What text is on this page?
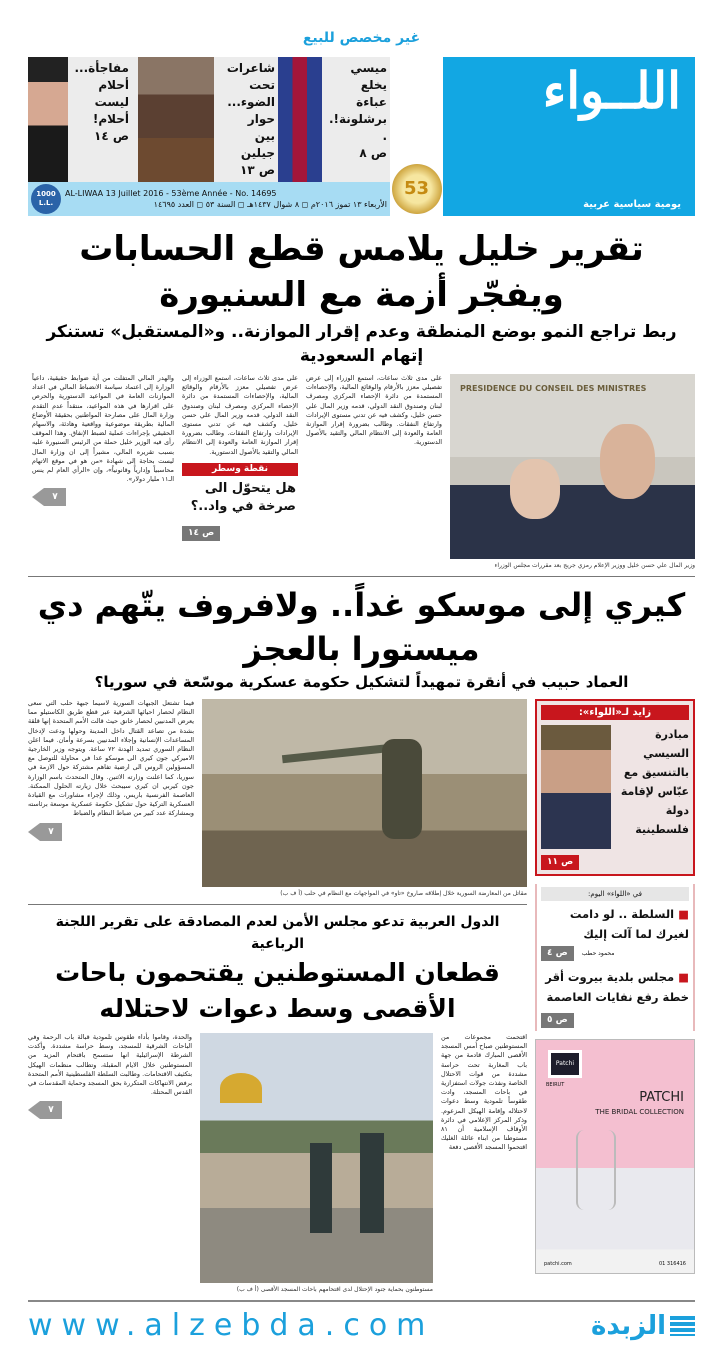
غير مخصص للبيع
مفاجأة...
أحلام
ليست
أحلام!
ص ١٤
شاعرات
تحت
الضوء...
حوار
بين جيلين
ص ١٣
ميسي يخلع
عباءة
برشلونة!..
ص ٨
1000 L.L.
AL-LIWAA 13 Juillet 2016 - 53ème Année - No. 14695
الأربعاء ١٣ تموز ٢٠١٦م ◻ ٨ شوال ١٤٣٧هـ ◻ السنة ٥٣ ◻ العدد ١٤٦٩٥
53
اللــواء
يومية سياسية عربية
تقرير خليل يلامس قطع الحسابات ويفجّر أزمة مع السنيورة
ربط تراجع النمو بوضع المنطقة وعدم إقرار الموازنة.. و«المستقبل» تستنكر إتهام السعودية
PRESIDENCE DU CONSEIL DES MINISTRES
وزير المال علي حسن خليل ووزير الإعلام رمزي جريج بعد مقررات مجلس الوزراء
على مدى ثلاث ساعات، استمع الوزراء إلى عرض تفصيلي معزز بالأرقام والوقائع المالية، والإحصاءات المستمدة من دائرة الإحصاء المركزي ومصرف لبنان وصندوق النقد الدولي، قدمه وزير المال علي حسن خليل، وكشف فيه عن تدني مستوى الإيرادات وارتفاع النفقات. وطالب بضرورة إقرار الموازنة العامة والعودة إلى الانتظام المالي والتقيد بالأصول الدستورية.
على مدى ثلاث ساعات، استمع الوزراء إلى عرض تفصيلي معزز بالأرقام والوقائع المالية، والإحصاءات المستمدة من دائرة الإحصاء المركزي ومصرف لبنان وصندوق النقد الدولي، قدمه وزير المال علي حسن خليل، وكشف فيه عن تدني مستوى الإيرادات وارتفاع النفقات. وطالب بضرورة إقرار الموازنة العامة والعودة إلى الانتظام المالي والتقيد بالأصول الدستورية.
نقطة وسطر
هل يتحوّل الى صرخة في واد..؟
ص ١٤
والهدر المالي المتفلت من أية ضوابط حقيقية، داعياً الوزارة إلى اعتماد سياسة الانضباط المالي في اعداد الموازنات العامة في المواعيد الدستورية والحرص على اقرارها في هذه المواعيد، منتقداً عدم التقدم وزارة المال على مصارحة المواطنين بحقيقة الأوضاع المالية بطريقة موضوعية وواقعية وهادئة، والاسهام الحقيقي بإجراءات عملية لضبط الإنفاق. وهذا الموقف رأى فيه الوزير خليل حملة من الرئيس السنيورة عليه بسبب تقريره المالي، مشيراً إلى ان وزارة المال ليست بحاجة إلى شهادة «من هو في موقع الاتهام محاسبياً وإدارياً وقانونياً»، وإن «الرأي العام لم ينس الـ١١ مليار دولار».
٧
كيري إلى موسكو غداً.. ولافروف يتّهم دي ميستورا بالعجز
العماد حبيب في أنقرة تمهيداً لتشكيل حكومة عسكرية موسّعة في سوريا؟
زايد لـ«اللواء»:
مبادرة السيسي بالتنسيق مع عبّاس لإقامة دولة فلسطينية
ص ١١
في «اللواء» اليوم:
■ السلطة .. لو دامت لغيرك لما آلت إليك
ص ٤	محمود حطب
■ مجلس بلدية بيروت أقر خطة رفع نفايات العاصمة
ص ٥
Patchi
BEIRUT
PATCHI
THE BRIDAL COLLECTION
patchi.com	01 316416
مقاتل من المعارضة السورية خلال إطلاقه صاروخ «تاو» في المواجهات مع النظام في حلب (أ ف ب)
فيما تشتعل الجبهات السورية لاسيما جبهة حلب التي سعى النظام لحصار احيائها الشرقية عبر قطع طريق الكاستيلو مما يعرض المدنيين لحصار خانق حيث قالت الأمم المتحدة إنها قلقة بشدة من تصاعد القتال داخل المدينة وحولها ودعت لإدخال المساعدات الإنسانية وإجلاء المدنيين بسرعة وأمان. فيما اعلن النظام السوري تمديد الهدنة ٧٢ ساعة. ويتوجه وزير الخارجية الاميركي جون كيري الى موسكو غدا في محاولة للتوصل مع المسؤولين الروس الى ارضية تفاهم مشتركة حول الازمة في سوريا، كما اعلنت وزارته الاثنين. وقال المتحدث باسم الوزارة جون كيربي ان كيري سيبحث خلال زيارته الحلول الممكنة. العاصمة الفرنسية باريس، وذلك لإجراء مشاورات مع القيادة العسكرية التركية حول تشكيل حكومة عسكرية موسعة برئاسته وبمشاركة عدد كبير من ضباط النظام والضباط
٧
الدول العربية تدعو مجلس الأمن لعدم المصادقة على تقرير اللجنة الرباعية
قطعان المستوطنين يقتحمون باحات الأقصى وسط دعوات لاحتلاله
اقتحمت مجموعات من المستوطنين صباح أمس المسجد الأقصى المبارك قادمة من جهة باب المغاربة تحت حراسة مشددة من قوات الاحتلال الخاصة ونفذت جولات استفزازية في باحات المسجد، وادت طقوساً تلمودية وسط دعوات لاحتلاله وإقامة الهيكل المزعوم. وذكر المركز الإعلامي في دائرة الأوقاف الإسلامية أن ٨١ مستوطنا من ابناء عائلة الغليك اقتحموا المسجد الأقصى دفعة
مستوطنون بحماية جنود الإحتلال لدى اقتحامهم باحات المسجد الأقصى (أ ف ب)
والحدة، وقاموا بأداء طقوس تلمودية قبالة باب الرحمة وفي الباحات الشرقية للمسجد، وسط حراسة مشددة. وأكدت الشرطة الإسرائيلية انها ستسمح باقتحام المزيد من المستوطنين خلال الايام المقبلة، وتطالب منظمات الهيكل بتكثيف الاقتحامات. وطالبت السلطة الفلسطينية الأمم المتحدة برفض الانتهاكات المتكررة بحق المسجد وحماية المقدسات في القدس المحتلة.
٧
www.alzebda.com	الزبدة
